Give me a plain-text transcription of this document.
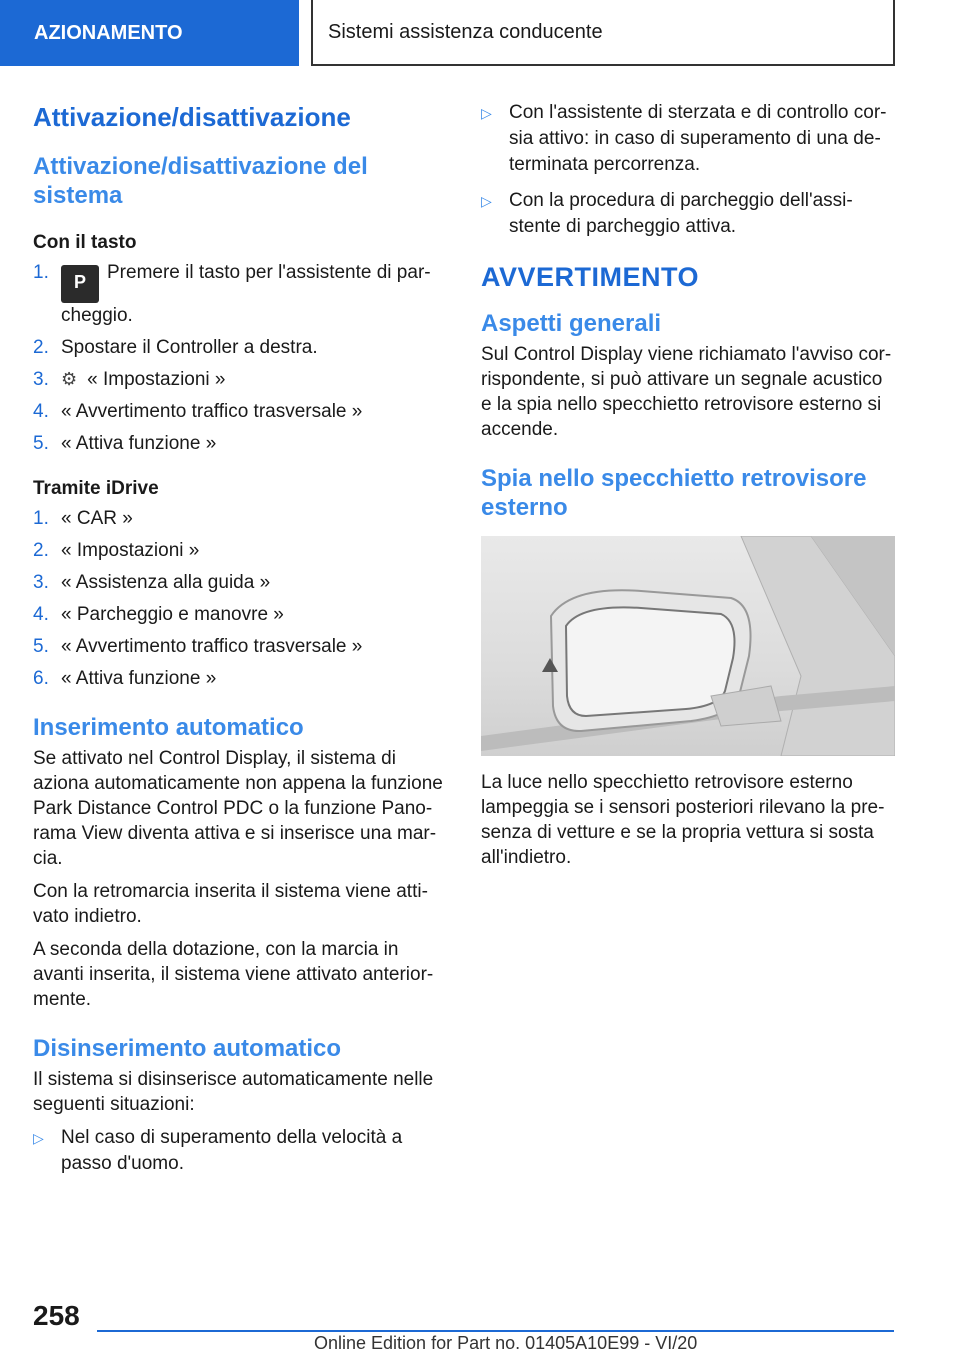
AZIONAMENTO	Sistemi assistenza conducente
Attivazione/disattivazione
Attivazione/disattivazione del sistema
Con il tasto
1. P Premere il tasto per l'assistente di parcheggio.
2. Spostare il Controller a destra.
3. ⚙ « Impostazioni »
4. « Avvertimento traffico trasversale »
5. « Attiva funzione »
Tramite iDrive
1. « CAR »
2. « Impostazioni »
3. « Assistenza alla guida »
4. « Parcheggio e manovre »
5. « Avvertimento traffico trasversale »
6. « Attiva funzione »
Inserimento automatico

Se attivato nel Control Display, il sistema di aziona automaticamente non appena la funzione Park Distance Control PDC o la funzione Panorama View diventa attiva e si inserisce una marcia.

Con la retromarcia inserita il sistema viene attivato indietro.

A seconda della dotazione, con la marcia in avanti inserita, il sistema viene attivato anteriormente.

Disinserimento automatico

Il sistema si disinserisce automaticamente nelle seguenti situazioni:

▷ Nel caso di superamento della velocità a passo d'uomo.
▷ Con l'assistente di sterzata e di controllo corsia attivo: in caso di superamento di una determinata percorrenza.
▷ Con la procedura di parcheggio dell'assistente di parcheggio attiva.
AVVERTIMENTO
Aspetti generali

Sul Control Display viene richiamato l'avviso corrispondente, si può attivare un segnale acustico e la spia nello specchietto retrovisore esterno si accende.

Spia nello specchietto retrovisore esterno

La luce nello specchietto retrovisore esterno lampeggia se i sensori posteriori rilevano la presenza di vetture e se la propria vettura si sosta all'indietro.

258
Online Edition for Part no. 01405A10E99 - VI/20
